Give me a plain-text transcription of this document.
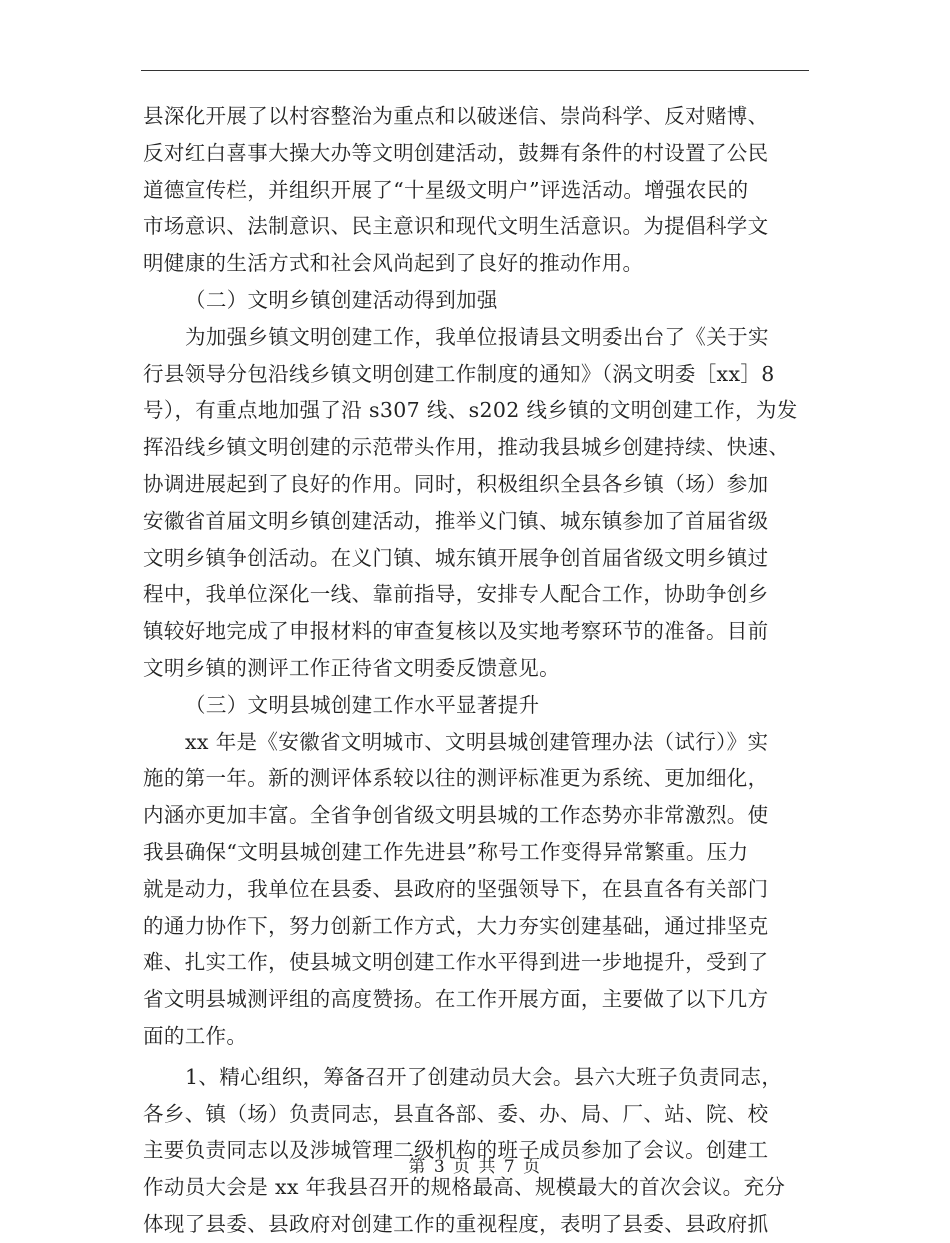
县深化开展了以村容整治为重点和以破迷信、崇尚科学、反对赌博、
反对红白喜事大操大办等文明创建活动，鼓舞有条件的村设置了公民
道德宣传栏，并组织开展了“十星级文明户”评选活动。增强农民的
市场意识、法制意识、民主意识和现代文明生活意识。为提倡科学文
明健康的生活方式和社会风尚起到了良好的推动作用。
（二）文明乡镇创建活动得到加强
为加强乡镇文明创建工作，我单位报请县文明委出台了《关于实
行县领导分包沿线乡镇文明创建工作制度的通知》（涡文明委［xx］8
号），有重点地加强了沿 s307 线、s202 线乡镇的文明创建工作，为发
挥沿线乡镇文明创建的示范带头作用，推动我县城乡创建持续、快速、
协调进展起到了良好的作用。同时，积极组织全县各乡镇（场）参加
安徽省首届文明乡镇创建活动，推举义门镇、城东镇参加了首届省级
文明乡镇争创活动。在义门镇、城东镇开展争创首届省级文明乡镇过
程中，我单位深化一线、靠前指导，安排专人配合工作，协助争创乡
镇较好地完成了申报材料的审查复核以及实地考察环节的准备。目前
文明乡镇的测评工作正待省文明委反馈意见。
（三）文明县城创建工作水平显著提升
xx 年是《安徽省文明城市、文明县城创建管理办法（试行）》实
施的第一年。新的测评体系较以往的测评标准更为系统、更加细化，
内涵亦更加丰富。全省争创省级文明县城的工作态势亦非常激烈。使
我县确保“文明县城创建工作先进县”称号工作变得异常繁重。压力
就是动力，我单位在县委、县政府的坚强领导下，在县直各有关部门
的通力协作下，努力创新工作方式，大力夯实创建基础，通过排坚克
难、扎实工作，使县城文明创建工作水平得到进一步地提升，受到了
省文明县城测评组的高度赞扬。在工作开展方面，主要做了以下几方
面的工作。
1、精心组织，筹备召开了创建动员大会。县六大班子负责同志，
各乡、镇（场）负责同志，县直各部、委、办、局、厂、站、院、校
主要负责同志以及涉城管理二级机构的班子成员参加了会议。创建工
作动员大会是 xx 年我县召开的规格最高、规模最大的首次会议。充分
体现了县委、县政府对创建工作的重视程度，表明了县委、县政府抓
第 3 页 共 7 页
